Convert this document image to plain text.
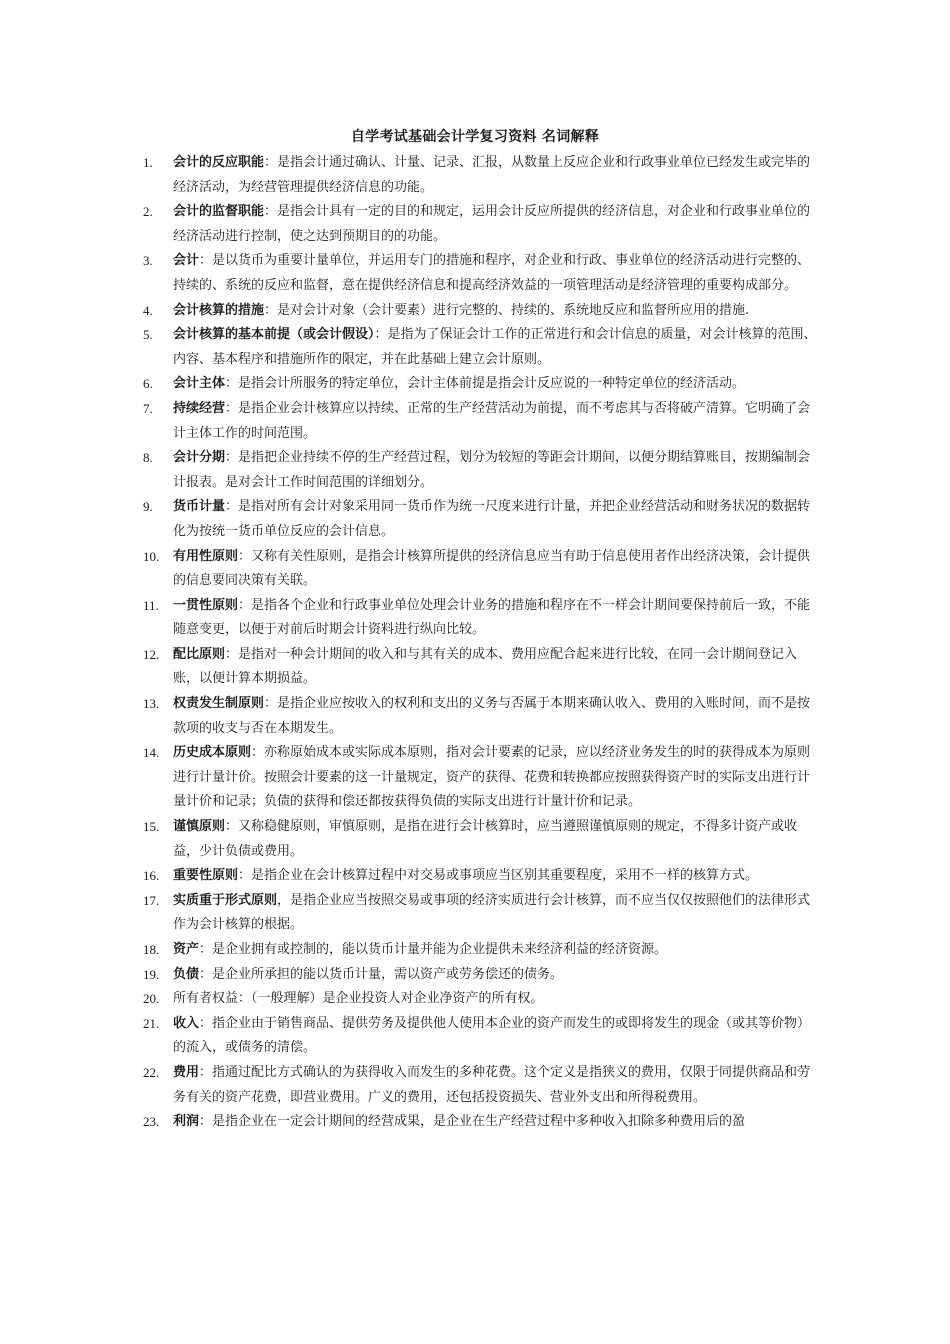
自学考试基础会计学复习资料 名词解释
1. 会计的反应职能：是指会计通过确认、计量、记录、汇报，从数量上反应企业和行政事业单位已经发生或完毕的经济活动，为经营管理提供经济信息的功能。
2. 会计的监督职能：是指会计具有一定的目的和规定，运用会计反应所提供的经济信息，对企业和行政事业单位的经济活动进行控制，使之达到预期目的的功能。
3. 会计：是以货币为重要计量单位，并运用专门的措施和程序，对企业和行政、事业单位的经济活动进行完整的、持续的、系统的反应和监督，意在提供经济信息和提高经济效益的一项管理活动是经济管理的重要构成部分。
4. 会计核算的措施：是对会计对象（会计要素）进行完整的、持续的、系统地反应和监督所应用的措施.
5. 会计核算的基本前提（或会计假设）：是指为了保证会计工作的正常进行和会计信息的质量，对会计核算的范围、内容、基本程序和措施所作的限定，并在此基础上建立会计原则。
6. 会计主体：是指会计所服务的特定单位，会计主体前提是指会计反应说的一种特定单位的经济活动。
7. 持续经营：是指企业会计核算应以持续、正常的生产经营活动为前提，而不考虑其与否将破产清算。它明确了会计主体工作的时间范围。
8. 会计分期：是指把企业持续不停的生产经营过程，划分为较短的等距会计期间，以便分期结算账目，按期编制会计报表。是对会计工作时间范围的详细划分。
9. 货币计量：是指对所有会计对象采用同一货币作为统一尺度来进行计量，并把企业经营活动和财务状况的数据转化为按统一货币单位反应的会计信息。
10. 有用性原则：又称有关性原则，是指会计核算所提供的经济信息应当有助于信息使用者作出经济决策，会计提供的信息要同决策有关联。
11. 一贯性原则：是指各个企业和行政事业单位处理会计业务的措施和程序在不一样会计期间要保持前后一致，不能随意变更，以便于对前后时期会计资料进行纵向比较。
12. 配比原则：是指对一种会计期间的收入和与其有关的成本、费用应配合起来进行比较，在同一会计期间登记入账，以便计算本期损益。
13. 权责发生制原则：是指企业应按收入的权利和支出的义务与否属于本期来确认收入、费用的入账时间，而不是按款项的收支与否在本期发生。
14. 历史成本原则：亦称原始成本或实际成本原则，指对会计要素的记录，应以经济业务发生的时的获得成本为原则进行计量计价。按照会计要素的这一计量规定，资产的获得、花费和转换都应按照获得资产时的实际支出进行计量计价和记录；负债的获得和偿还都按获得负债的实际支出进行计量计价和记录。
15. 谨慎原则：又称稳健原则，审慎原则，是指在进行会计核算时，应当遵照谨慎原则的规定，不得多计资产或收益，少计负债或费用。
16. 重要性原则：是指企业在会计核算过程中对交易或事项应当区别其重要程度，采用不一样的核算方式。
17. 实质重于形式原则，是指企业应当按照交易或事项的经济实质进行会计核算，而不应当仅仅按照他们的法律形式作为会计核算的根据。
18. 资产：是企业拥有或控制的，能以货币计量并能为企业提供未来经济利益的经济资源。
19. 负债：是企业所承担的能以货币计量，需以资产或劳务偿还的债务。
20. 所有者权益：（一般理解）是企业投资人对企业净资产的所有权。
21. 收入：指企业由于销售商品、提供劳务及提供他人使用本企业的资产而发生的或即将发生的现金（或其等价物）的流入，或债务的清偿。
22. 费用：指通过配比方式确认的为获得收入而发生的多种花费。这个定义是指狭义的费用，仅限于同提供商品和劳务有关的资产花费，即营业费用。广义的费用，还包括投资损失、营业外支出和所得税费用。
23. 利润：是指企业在一定会计期间的经营成果，是企业在生产经营过程中多种收入扣除多种费用后的盈
